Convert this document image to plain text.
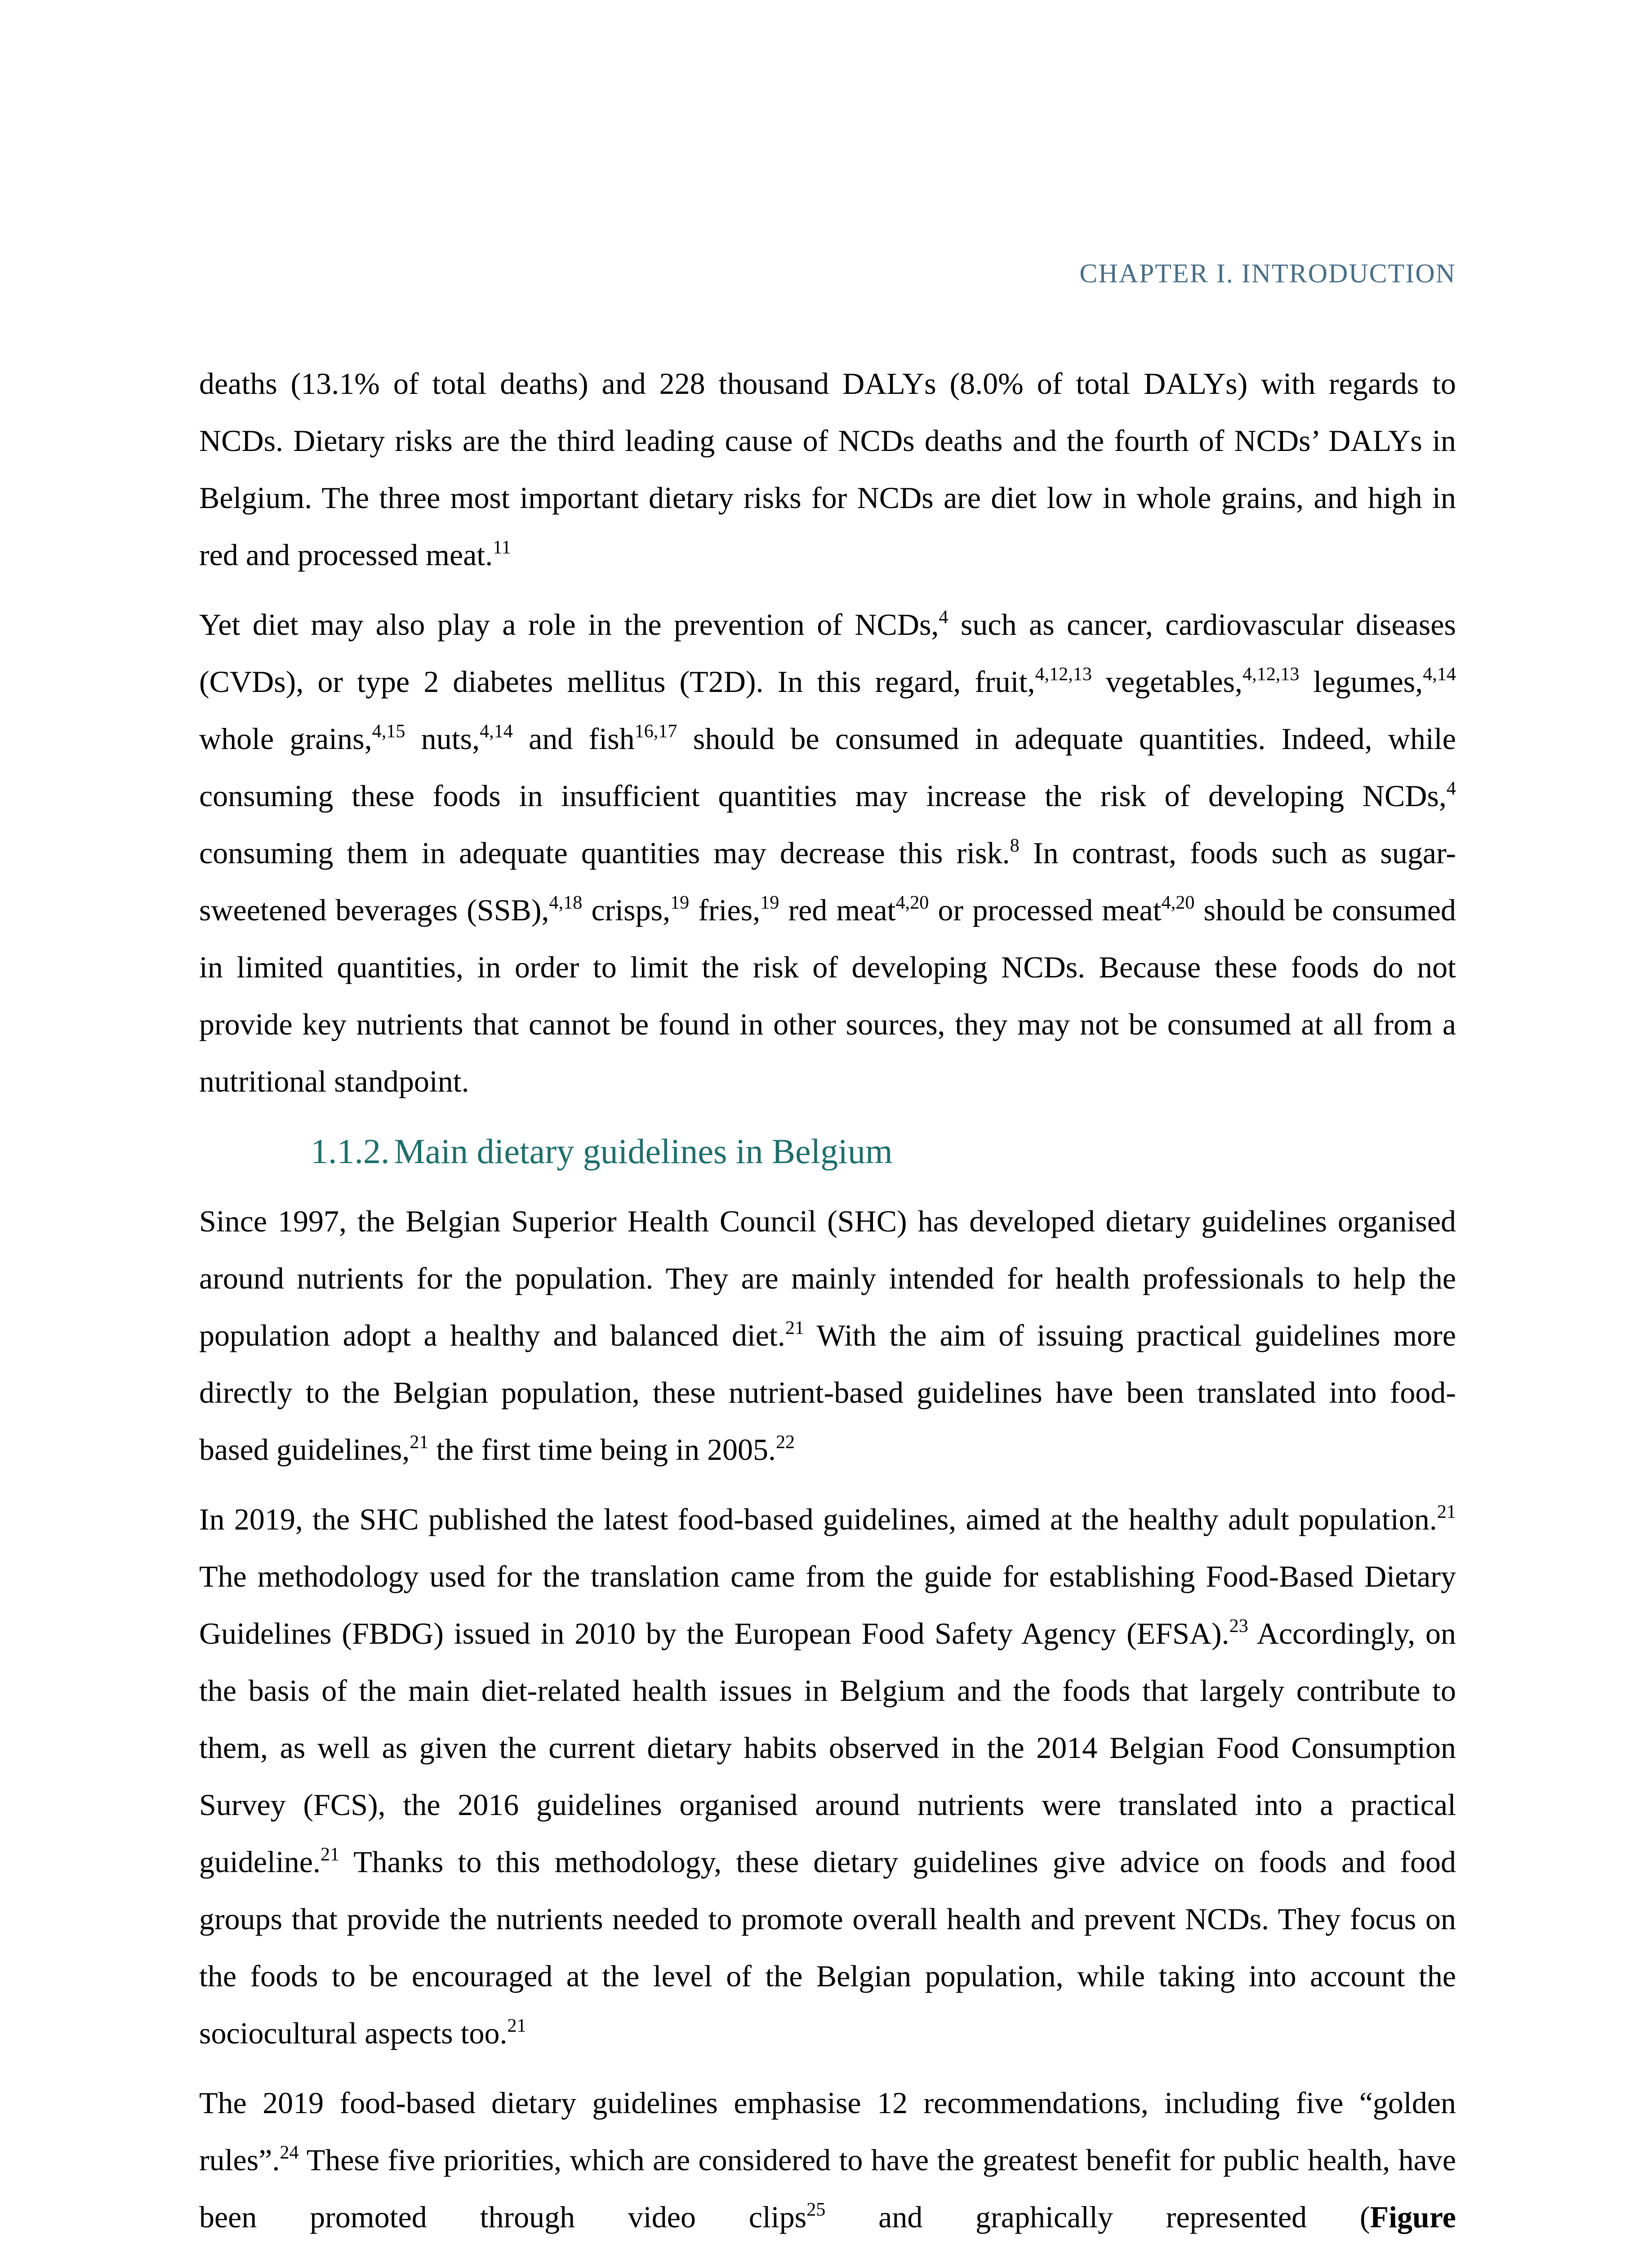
CHAPTER I. INTRODUCTION

deaths (13.1% of total deaths) and 228 thousand DALYs (8.0% of total DALYs) with regards to NCDs. Dietary risks are the third leading cause of NCDs deaths and the fourth of NCDs’ DALYs in Belgium. The three most important dietary risks for NCDs are diet low in whole grains, and high in red and processed meat.$^{11}$

Yet diet may also play a role in the prevention of NCDs,$^4$ such as cancer, cardiovascular diseases (CVDs), or type 2 diabetes mellitus (T2D). In this regard, fruit,$^{4,12,13}$ vegetables,$^{4,12,13}$ legumes,$^{4,14}$ whole grains,$^{4,15}$ nuts,$^{4,14}$ and fish$^{16,17}$ should be consumed in adequate quantities. Indeed, while consuming these foods in insufficient quantities may increase the risk of developing NCDs,$^4$ consuming them in adequate quantities may decrease this risk.$^8$ In contrast, foods such as sugar-sweetened beverages (SSB),$^{4,18}$ crisps,$^{19}$ fries,$^{19}$ red meat$^{4,20}$ or processed meat$^{4,20}$ should be consumed in limited quantities, in order to limit the risk of developing NCDs. Because these foods do not provide key nutrients that cannot be found in other sources, they may not be consumed at all from a nutritional standpoint.

1.1.2. Main dietary guidelines in Belgium

Since 1997, the Belgian Superior Health Council (SHC) has developed dietary guidelines organised around nutrients for the population. They are mainly intended for health professionals to help the population adopt a healthy and balanced diet.$^{21}$ With the aim of issuing practical guidelines more directly to the Belgian population, these nutrient-based guidelines have been translated into food-based guidelines,$^{21}$ the first time being in 2005.22

In 2019, the SHC published the latest food-based guidelines, aimed at the healthy adult population.$^{21}$ The methodology used for the translation came from the guide for establishing Food-Based Dietary Guidelines (FBDG) issued in 2010 by the European Food Safety Agency (EFSA).$^{23}$ Accordingly, on the basis of the main diet-related health issues in Belgium and the foods that largely contribute to them, as well as given the current dietary habits observed in the 2014 Belgian Food Consumption Survey (FCS), the 2016 guidelines organised around nutrients were translated into a practical guideline.$^{21}$ Thanks to this methodology, these dietary guidelines give advice on foods and food groups that provide the nutrients needed to promote overall health and prevent NCDs. They focus on the foods to be encouraged at the level of the Belgian population, while taking into account the sociocultural aspects too.$^{21}$

The 2019 food-based dietary guidelines emphasise 12 recommendations, including five “golden rules”.$^{24}$ These five priorities, which are considered to have the greatest benefit for public health, have been promoted through video clips$^{25}$ and graphically represented (Figure
